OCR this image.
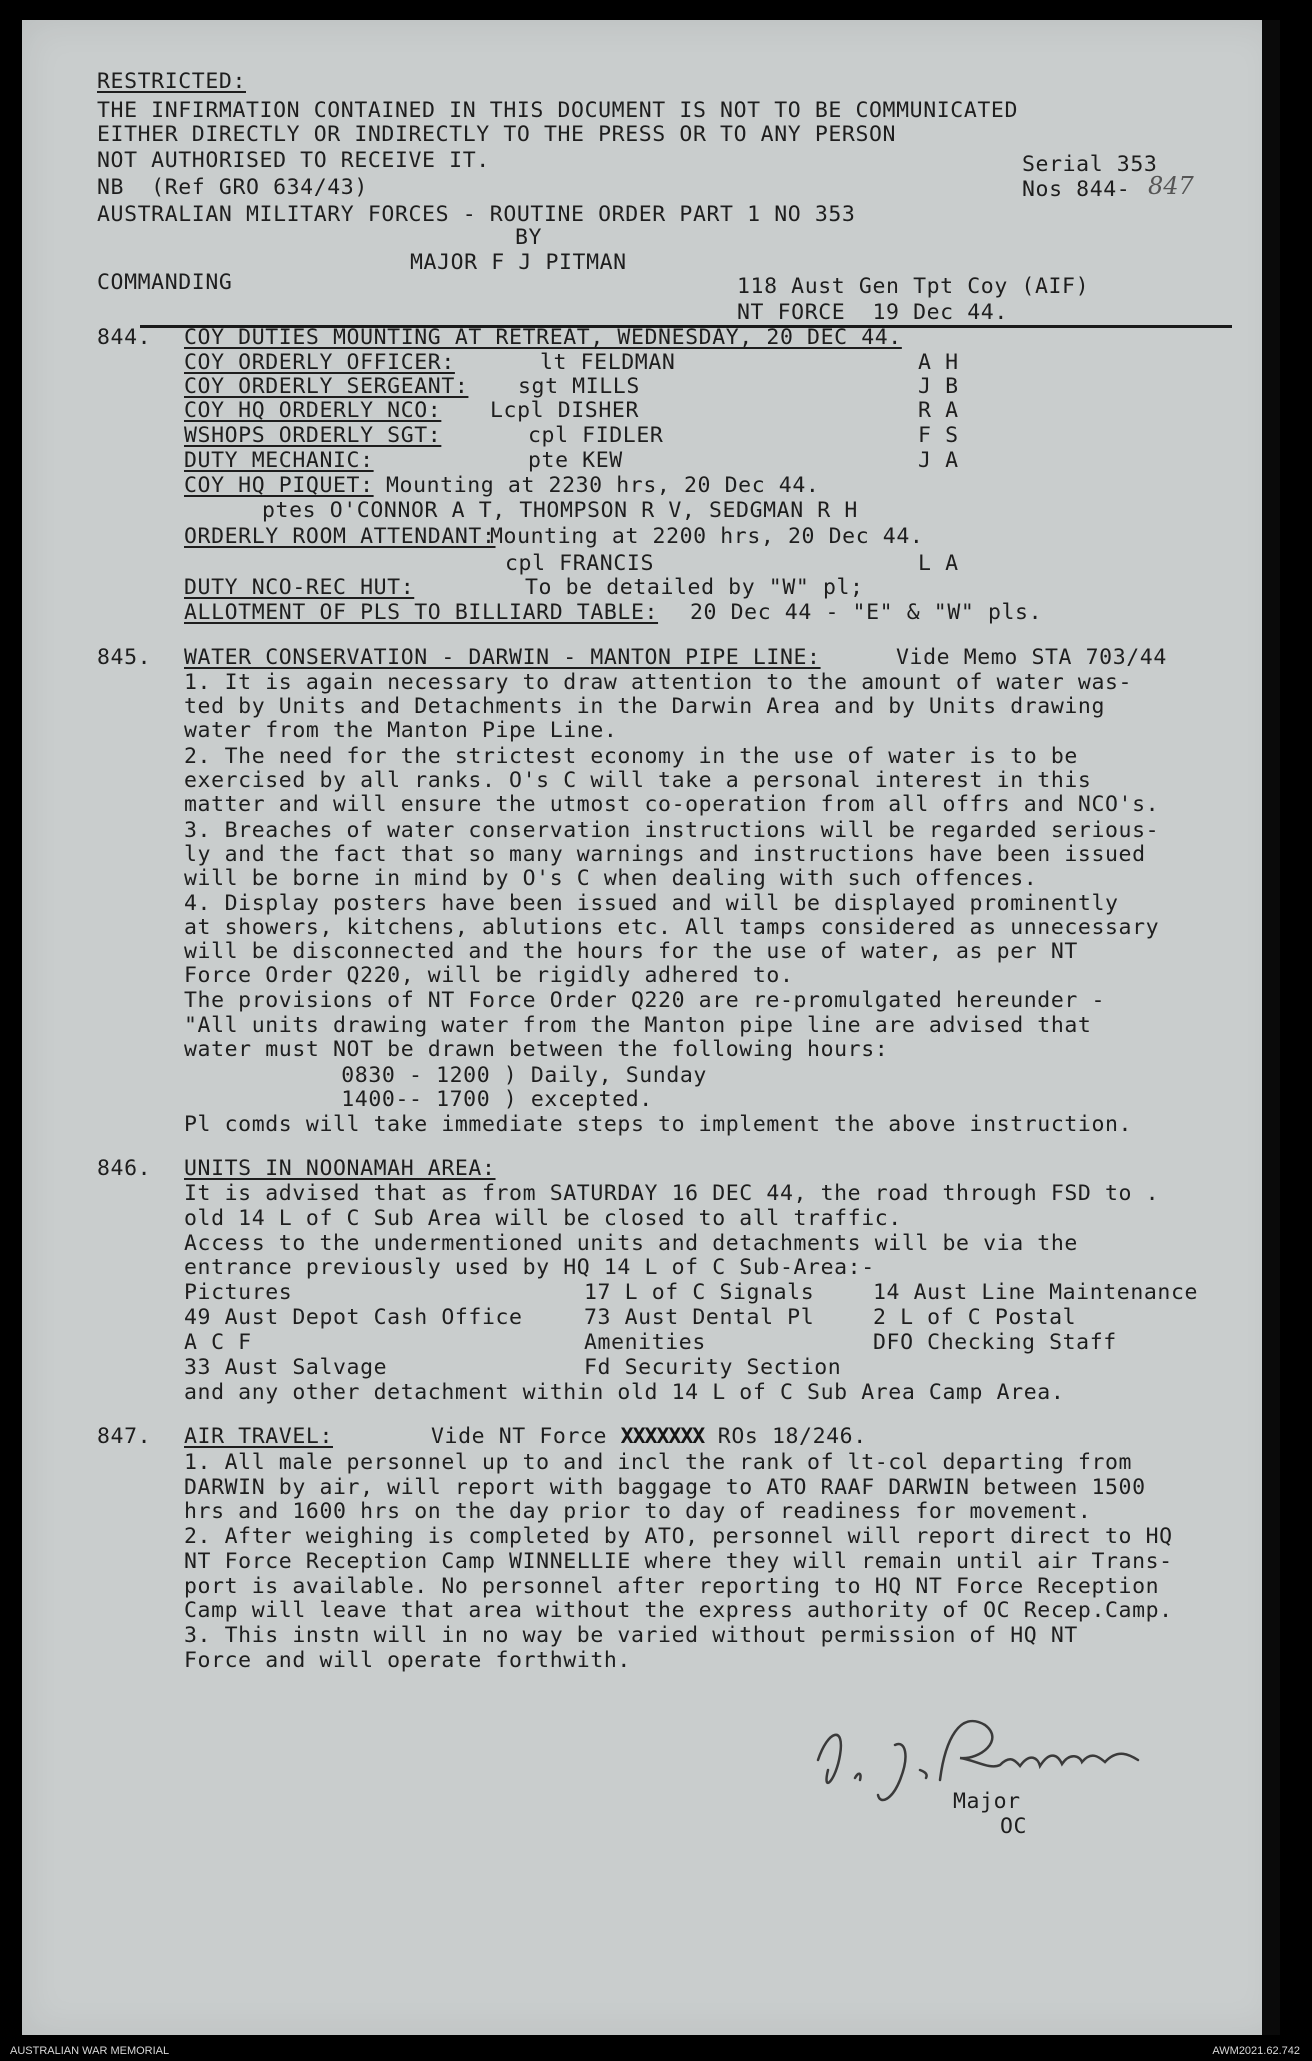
RESTRICTED:
THE INFIRMATION CONTAINED IN THIS DOCUMENT IS NOT TO BE COMMUNICATED
EITHER DIRECTLY OR INDIRECTLY TO THE PRESS OR TO ANY PERSON
NOT AUTHORISED TO RECEIVE IT.	Serial 353
NB  (Ref GRO 634/43)	Nos 844- 847
AUSTRALIAN MILITARY FORCES - ROUTINE ORDER PART 1 NO 353
BY
MAJOR F J PITMAN
COMMANDING	118 Aust Gen Tpt Coy (AIF)
NT FORCE  19 Dec 44.
844. COY DUTIES MOUNTING AT RETREAT, WEDNESDAY, 20 DEC 44.
COY ORDERLY OFFICER:	lt FELDMAN	A H
COY ORDERLY SERGEANT: sgt MILLS	J B
COY HQ ORDERLY NCO: Lcpl DISHER	R A
WSHOPS ORDERLY SGT:	cpl FIDLER	F S
DUTY MECHANIC:	pte KEW	J A
COY HQ PIQUET: Mounting at 2230 hrs, 20 Dec 44.
ptes O'CONNOR A T, THOMPSON R V, SEDGMAN R H
ORDERLY ROOM ATTENDANT:
Mounting at 2200 hrs, 20 Dec 44.
cpl FRANCIS	L A
DUTY NCO-REC HUT:	To be detailed by "W" pl;
ALLOTMENT OF PLS TO BILLIARD TABLE: 20 Dec 44 - "E" & "W" pls.
845. WATER CONSERVATION - DARWIN - MANTON PIPE LINE:	Vide Memo STA 703/44
1. It is again necessary to draw attention to the amount of water was-
ted by Units and Detachments in the Darwin Area and by Units drawing
water from the Manton Pipe Line.
2. The need for the strictest economy in the use of water is to be
exercised by all ranks. O's C will take a personal interest in this
matter and will ensure the utmost co-operation from all offrs and NCO's.
3. Breaches of water conservation instructions will be regarded serious-
ly and the fact that so many warnings and instructions have been issued
will be borne in mind by O's C when dealing with such offences.
4. Display posters have been issued and will be displayed prominently
at showers, kitchens, ablutions etc. All tamps considered as unnecessary
will be disconnected and the hours for the use of water, as per NT
Force Order Q220, will be rigidly adhered to.
The provisions of NT Force Order Q220 are re-promulgated hereunder -
"All units drawing water from the Manton pipe line are advised that
water must NOT be drawn between the following hours:
0830 - 1200 ) Daily, Sunday
1400-- 1700 ) excepted.
Pl comds will take immediate steps to implement the above instruction.
846. UNITS IN NOONAMAH AREA:
It is advised that as from SATURDAY 16 DEC 44, the road through FSD to .
old 14 L of C Sub Area will be closed to all traffic.
Access to the undermentioned units and detachments will be via the
entrance previously used by HQ 14 L of C Sub-Area:-
Pictures	17 L of C Signals	14 Aust Line Maintenance
49 Aust Depot Cash Office	73 Aust Dental Pl	2 L of C Postal
A C F	Amenities	DFO Checking Staff
33 Aust Salvage	Fd Security Section
and any other detachment within old 14 L of C Sub Area Camp Area.
847. AIR TRAVEL:	Vide NT Force XXXXXXX ROs 18/246.
1. All male personnel up to and incl the rank of lt-col departing from
DARWIN by air, will report with baggage to ATO RAAF DARWIN between 1500
hrs and 1600 hrs on the day prior to day of readiness for movement.
2. After weighing is completed by ATO, personnel will report direct to HQ
NT Force Reception Camp WINNELLIE where they will remain until air Trans-
port is available. No personnel after reporting to HQ NT Force Reception
Camp will leave that area without the express authority of OC Recep.Camp.
3. This instn will in no way be varied without permission of HQ NT
Force and will operate forthwith.
F. J. Pitman
Major
OC
AUSTRALIAN WAR MEMORIAL	AWM2021.62.742
